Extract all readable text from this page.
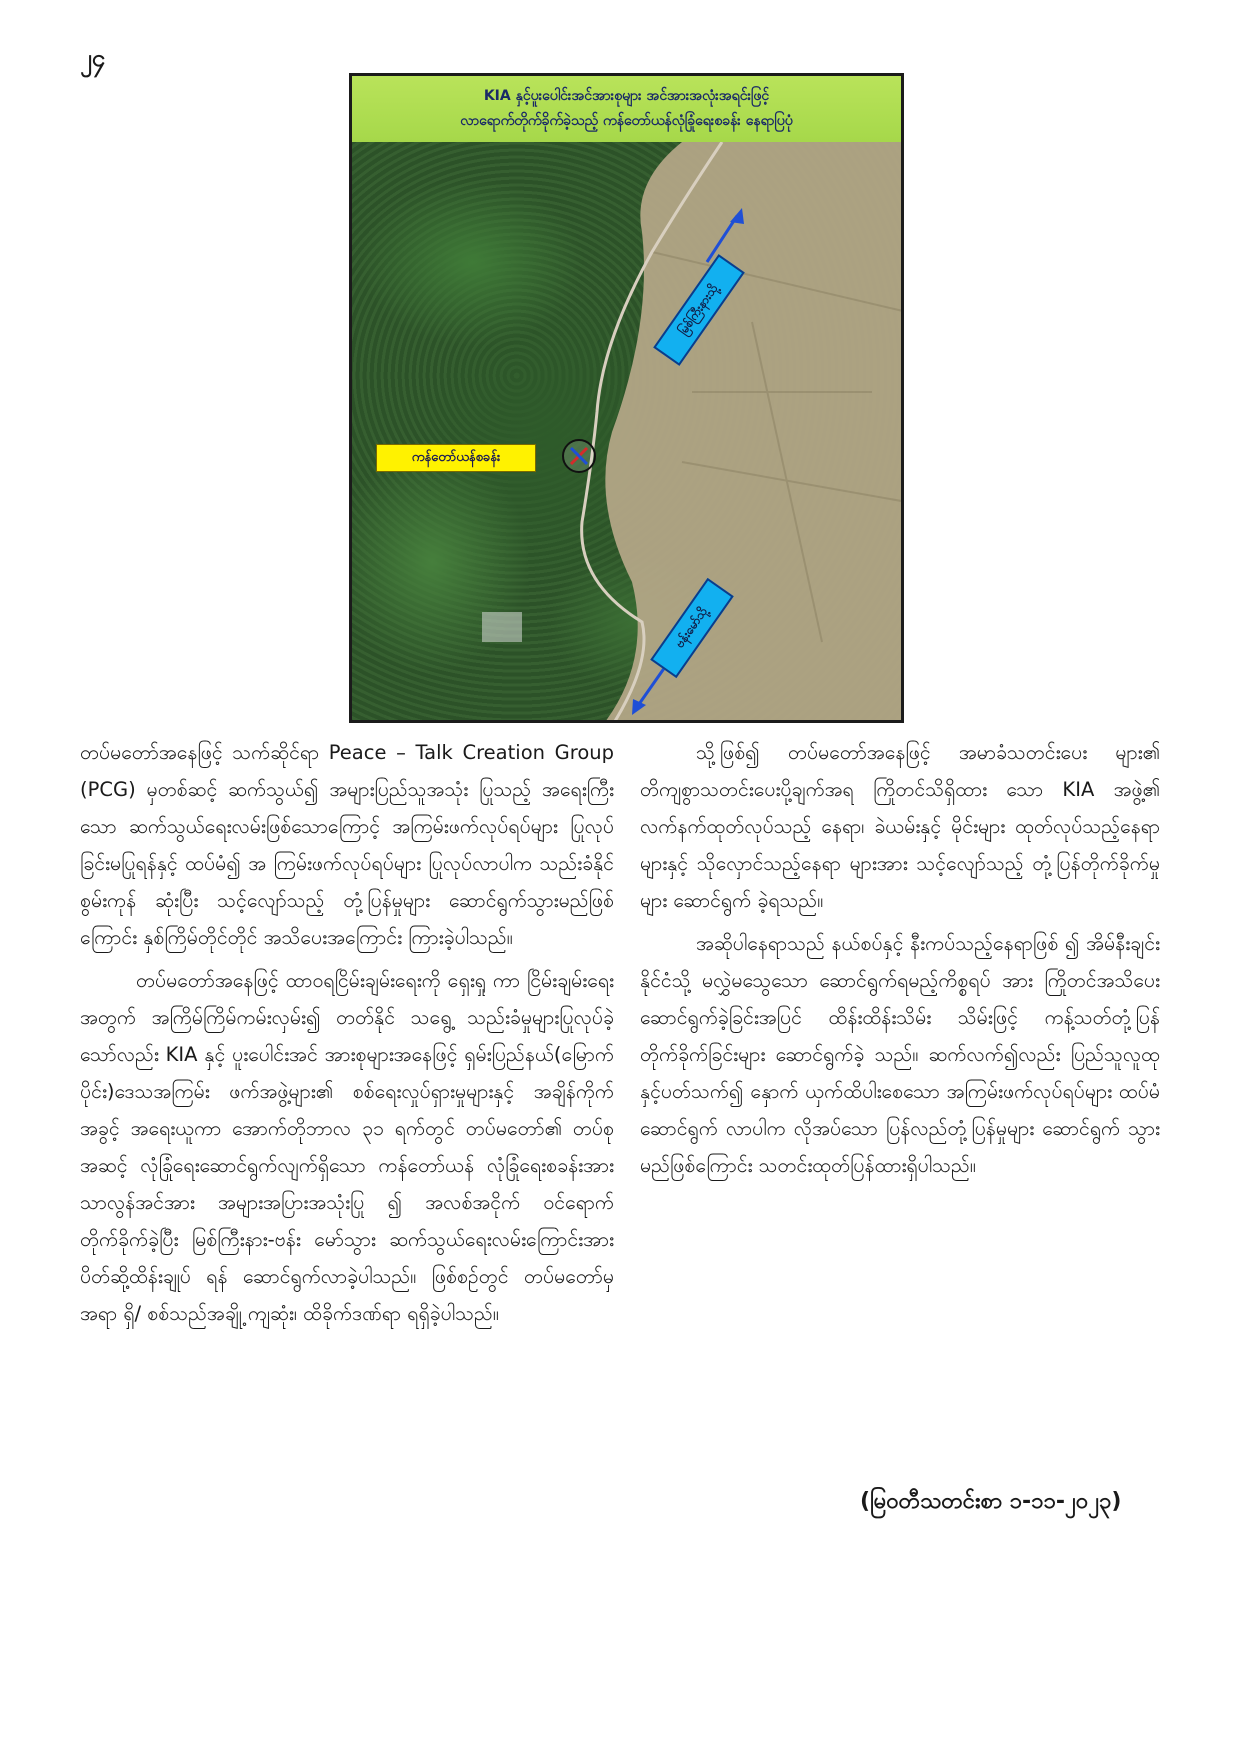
၂၄
KIA နှင့်ပူးပေါင်းအင်အားစုများ အင်အားအလုံးအရင်းဖြင့်
လာရောက်တိုက်ခိုက်ခဲ့သည့် ကန်တော်ယန်လုံခြုံရေးစခန်း နေရာပြပုံ
ကန်တော်ယန်စခန်း
မြစ်ကြီးနားသို့
ဗန်းမော်သို့

တပ်မတော်အနေဖြင့် သက်ဆိုင်ရာ Peace – Talk Creation Group (PCG) မှတစ်ဆင့် ဆက်သွယ်၍ အများပြည်သူအသုံး ပြုသည့် အရေးကြီးသော ဆက်သွယ်ရေးလမ်းဖြစ်သောကြောင့် အကြမ်းဖက်လုပ်ရပ်များ ပြုလုပ်ခြင်းမပြုရန်နှင့် ထပ်မံ၍ အ ကြမ်းဖက်လုပ်ရပ်များ ပြုလုပ်လာပါက သည်းခံနိုင်စွမ်းကုန် ဆုံးပြီး သင့်လျော်သည့် တုံ့ပြန်မှုများ ဆောင်ရွက်သွားမည်ဖြစ် ကြောင်း နှစ်ကြိမ်တိုင်တိုင် အသိပေးအကြောင်း ကြားခဲ့ပါသည်။

တပ်မတော်အနေဖြင့် ထာဝရငြိမ်းချမ်းရေးကို ရှေးရှု ကာ ငြိမ်းချမ်းရေးအတွက် အကြိမ်ကြိမ်ကမ်းလှမ်း၍ တတ်နိုင် သရွေ့ သည်းခံမှုများပြုလုပ်ခဲ့သော်လည်း KIA နှင့် ပူးပေါင်းအင် အားစုများအနေဖြင့် ရှမ်းပြည်နယ်(မြောက်ပိုင်း)ဒေသအကြမ်း ဖက်အဖွဲ့များ၏ စစ်ရေးလှုပ်ရှားမှုများနှင့် အချိန်ကိုက် အခွင့် အရေးယူကာ အောက်တိုဘာလ ၃၁ ရက်တွင် တပ်မတော်၏ တပ်စုအဆင့် လုံခြုံရေးဆောင်ရွက်လျက်ရှိသော ကန်တော်ယန် လုံခြုံရေးစခန်းအား သာလွန်အင်အား အများအပြားအသုံးပြု ၍ အလစ်အငိုက် ဝင်ရောက်တိုက်ခိုက်ခဲ့ပြီး မြစ်ကြီးနား-ဗန်း မော်သွား ဆက်သွယ်ရေးလမ်းကြောင်းအား ပိတ်ဆို့ထိန်းချုပ် ရန် ဆောင်ရွက်လာခဲ့ပါသည်။ ဖြစ်စဉ်တွင် တပ်မတော်မှ အရာ ရှိ/ စစ်သည်အချို့ ကျဆုံး၊ ထိခိုက်ဒဏ်ရာ ရရှိခဲ့ပါသည်။

သို့ဖြစ်၍ တပ်မတော်အနေဖြင့် အမာခံသတင်းပေး များ၏ တိကျစွာသတင်းပေးပို့ချက်အရ ကြိုတင်သိရှိထား သော KIA အဖွဲ့၏ လက်နက်ထုတ်လုပ်သည့် နေရာ၊ ခဲယမ်းနှင့် မိုင်းများ ထုတ်လုပ်သည့်နေရာများနှင့် သိုလှောင်သည့်နေရာ များအား သင့်လျော်သည့် တုံ့ပြန်တိုက်ခိုက်မှုများ ဆောင်ရွက် ခဲ့ရသည်။

အဆိုပါနေရာသည် နယ်စပ်နှင့် နီးကပ်သည့်နေရာဖြစ် ၍ အိမ်နီးချင်းနိုင်ငံသို့ မလွှဲမသွေသော ဆောင်ရွက်ရမည့်ကိစ္စရပ် အား ကြိုတင်အသိပေးဆောင်ရွက်ခဲ့ခြင်းအပြင် ထိန်းထိန်းသိမ်း သိမ်းဖြင့် ကန့်သတ်တုံ့ပြန်တိုက်ခိုက်ခြင်းများ ဆောင်ရွက်ခဲ့ သည်။ ဆက်လက်၍လည်း ပြည်သူလူထုနှင့်ပတ်သက်၍ နှောက် ယှက်ထိပါးစေသော အကြမ်းဖက်လုပ်ရပ်များ ထပ်မံဆောင်ရွက် လာပါက လိုအပ်သော ပြန်လည်တုံ့ပြန်မှုများ ဆောင်ရွက် သွားမည်ဖြစ်ကြောင်း သတင်းထုတ်ပြန်ထားရှိပါသည်။

(မြဝတီသတင်းစာ ၁-၁၁-၂၀၂၃)
